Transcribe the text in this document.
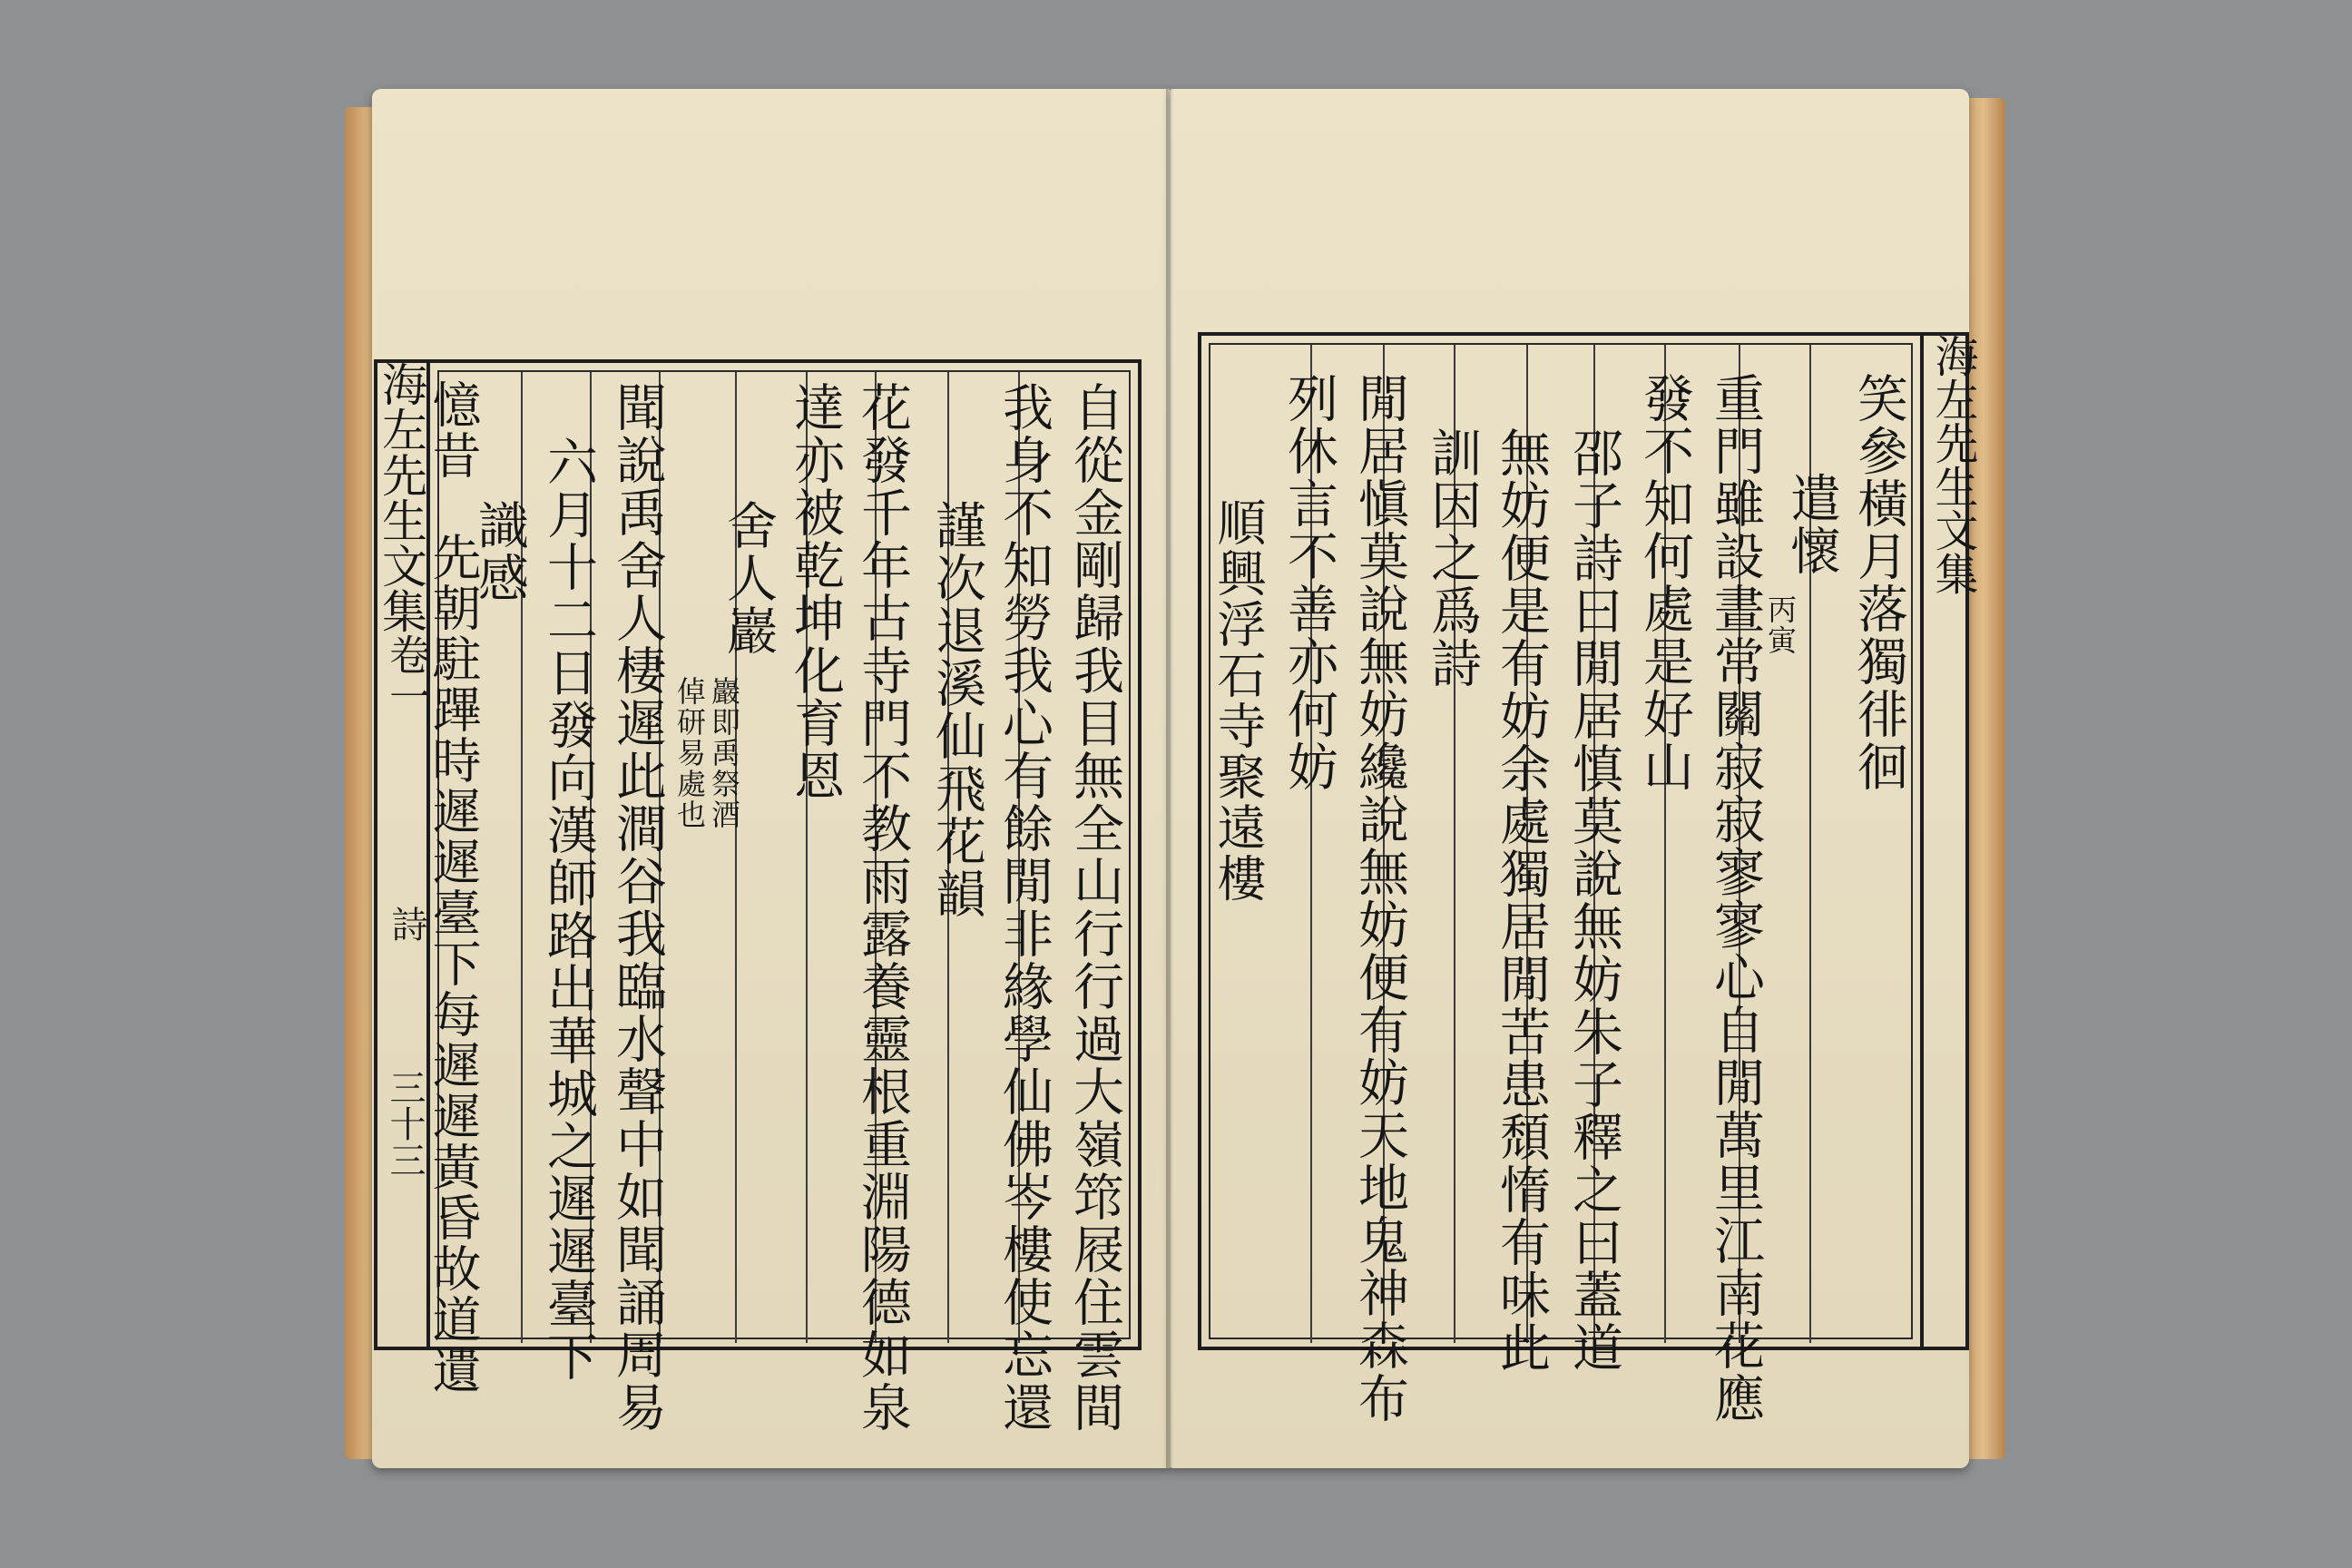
自從金剛歸我目無全山行行過大嶺筇屐住雲間
我身不知勞我心有餘閒非緣學仙佛岑樓使忘還
謹次退溪仙飛花韻
花發千年古寺門不教雨露養靈根重淵陽德如泉
達亦被乾坤化育恩
舍人巖
巖即禹祭酒
倬研易處也
聞說禹舍人棲遲此澗谷我臨水聲中如聞誦周易
六月十二日發向漢師路出華城之遲遲臺下
識感
憶昔　先朝駐蹕時遲遲臺下每遲遲黃昏故道遺
海左先生文集
卷一
詩
三十三
笑參橫月落獨徘徊
遣懷
丙寅
重門雖設晝常關寂寂寥寥心自閒萬里江南花應
發不知何處是好山
邵子詩曰閒居慎莫說無妨朱子釋之曰蓋道
無妨便是有妨余處獨居閒苦患頹惰有味此
訓因之爲詩
閒居愼莫說無妨纔說無妨便有妨天地鬼神森布
列休言不善亦何妨
順興浮石寺聚遠樓
海左先生文集
